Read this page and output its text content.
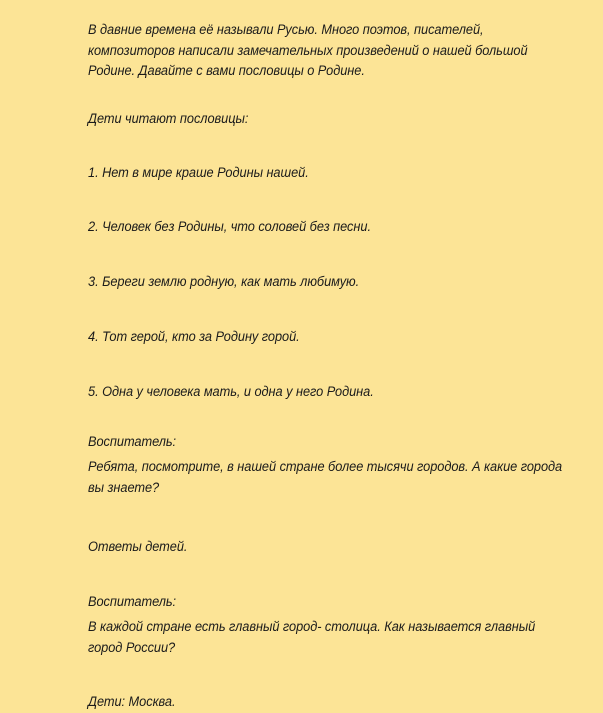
В давние времена её называли Русью. Много поэтов, писателей, композиторов написали замечательных произведений о нашей большой Родине. Давайте с вами пословицы о Родине.

Дети читают пословицы:

1. Нет в мире краше Родины нашей.

2. Человек без Родины, что соловей без песни.

3. Береги землю родную, как мать любимую.

4. Тот герой, кто за Родину горой.

5. Одна у человека мать, и одна у него Родина.

Воспитатель:

Ребята, посмотрите, в нашей стране более тысячи городов. А какие города вы знаете?

Ответы детей.

Воспитатель:

В каждой стране есть главный город- столица. Как называется главный город России?

Дети: Москва.
